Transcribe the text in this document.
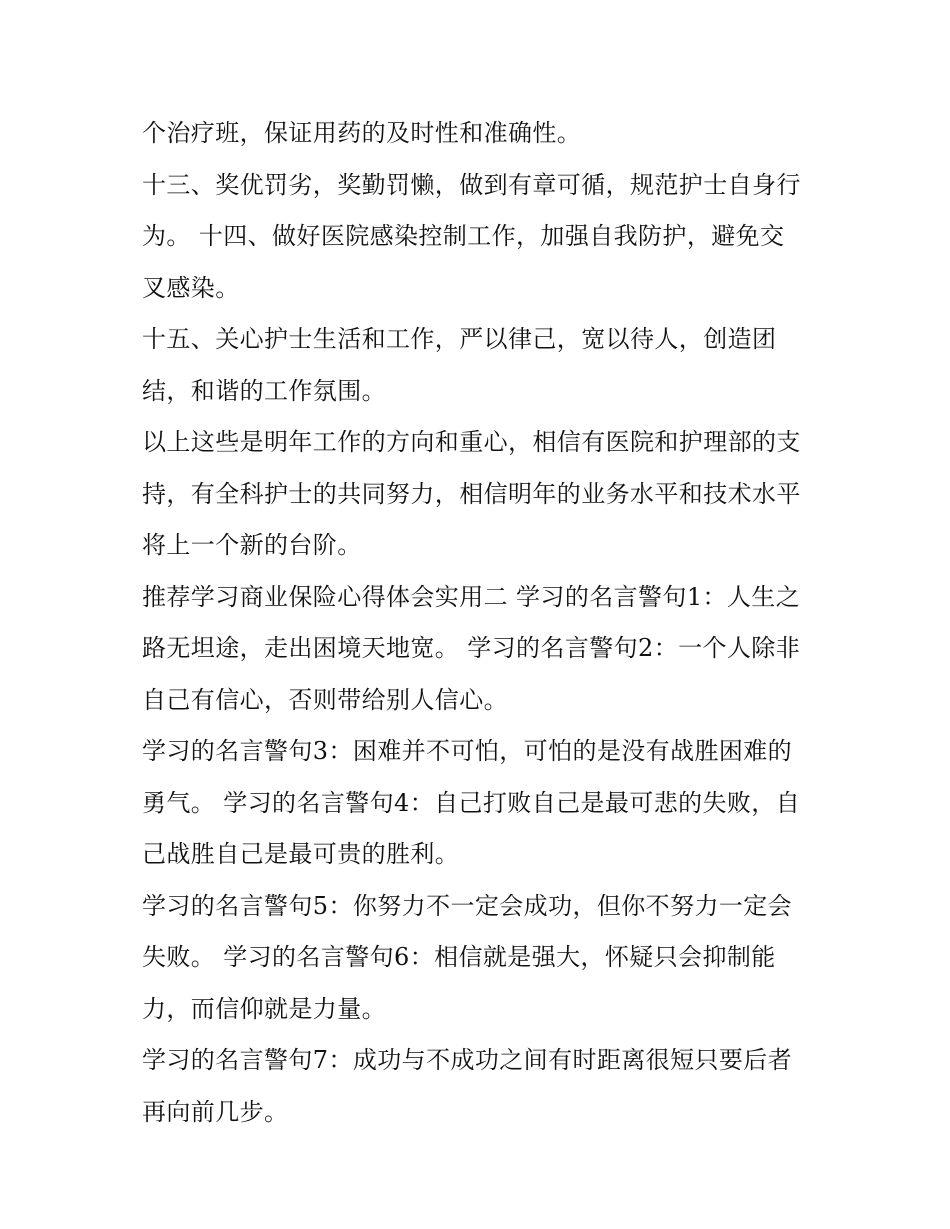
个治疗班，保证用药的及时性和准确性。
十三、奖优罚劣，奖勤罚懒，做到有章可循，规范护士自身行
为。 十四、做好医院感染控制工作，加强自我防护，避免交
叉感染。
十五、关心护士生活和工作，严以律己，宽以待人，创造团
结，和谐的工作氛围。
以上这些是明年工作的方向和重心，相信有医院和护理部的支
持，有全科护士的共同努力，相信明年的业务水平和技术水平
将上一个新的台阶。
推荐学习商业保险心得体会实用二 学习的名言警句1：人生之
路无坦途，走出困境天地宽。 学习的名言警句2：一个人除非
自己有信心，否则带给别人信心。
学习的名言警句3：困难并不可怕，可怕的是没有战胜困难的
勇气。 学习的名言警句4：自己打败自己是最可悲的失败，自
己战胜自己是最可贵的胜利。
学习的名言警句5：你努力不一定会成功，但你不努力一定会
失败。 学习的名言警句6：相信就是强大，怀疑只会抑制能
力，而信仰就是力量。
学习的名言警句7：成功与不成功之间有时距离很短只要后者
再向前几步。
